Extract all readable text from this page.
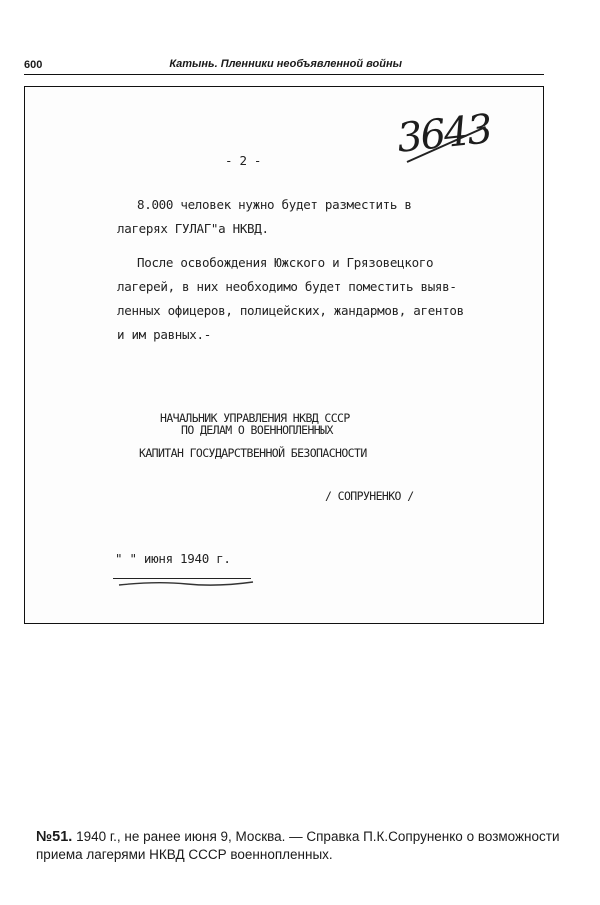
600	Катынь. Пленники необъявленной войны
3643
- 2 -
8.000 человек нужно будет разместить в
лагерях ГУЛАГ"а НКВД.
После освобождения Южского и Грязовецкого
лагерей, в них необходимо будет поместить выяв-
ленных офицеров, полицейских, жандармов, агентов
и им равных.-
НАЧАЛЬНИК УПРАВЛЕНИЯ НКВД СССР
ПО ДЕЛАМ О ВОЕННОПЛЕННЫХ
КАПИТАН ГОСУДАРСТВЕННОЙ БЕЗОПАСНОСТИ
/ СОПРУНЕНКО /
" " июня 1940 г.
№51. 1940 г., не ранее июня 9, Москва. — Справка П.К.Сопруненко о возможности приема лагерями НКВД СССР военнопленных.
